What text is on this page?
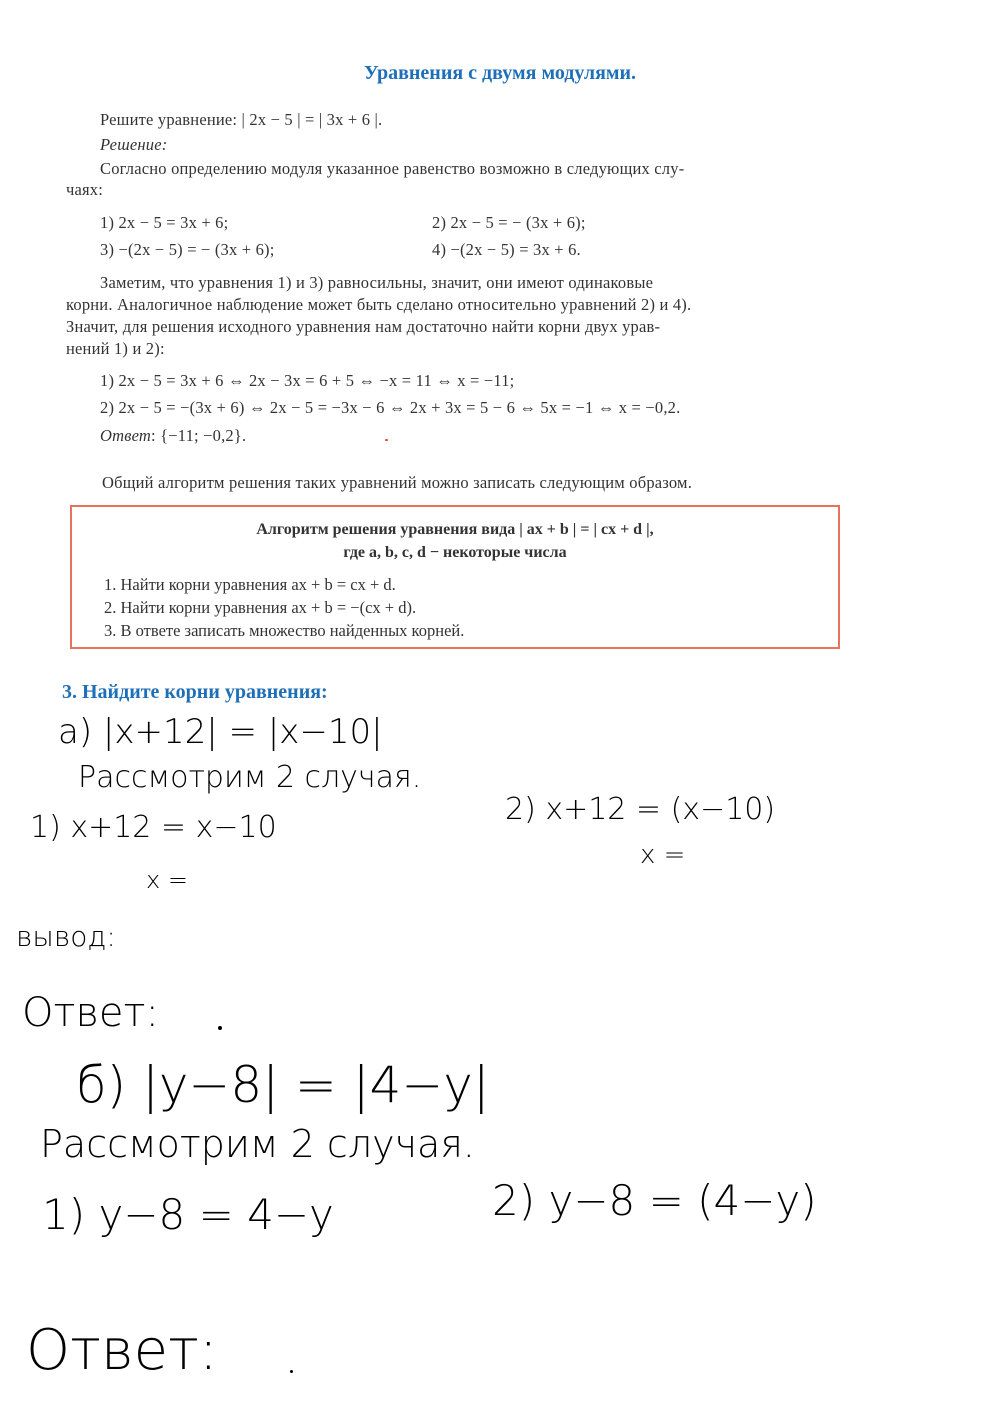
Уравнения с двумя модулями.
Решите уравнение: | 2x − 5 | = | 3x + 6 |.
Решение:
Согласно определению модуля указанное равенство возможно в следующих слу-
чаях:
1) 2x − 5 = 3x + 6;	2) 2x − 5 = − (3x + 6);
3) −(2x − 5) = − (3x + 6);	4) −(2x − 5) = 3x + 6.
Заметим, что уравнения 1) и 3) равносильны, значит, они имеют одинаковые
корни. Аналогичное наблюдение может быть сделано относительно уравнений 2) и 4).
Значит, для решения исходного уравнения нам достаточно найти корни двух урав-
нений 1) и 2):
1) 2x − 5 = 3x + 6 ⇔ 2x − 3x = 6 + 5 ⇔ −x = 11 ⇔ x = −11;
2) 2x − 5 = −(3x + 6) ⇔ 2x − 5 = −3x − 6 ⇔ 2x + 3x = 5 − 6 ⇔ 5x = −1 ⇔ x = −0,2.
Ответ: {−11; −0,2}.
Общий алгоритм решения таких уравнений можно записать следующим образом.
Алгоритм решения уравнения вида | ax + b | = | cx + d |,
где a, b, c, d − некоторые числа
1. Найти корни уравнения ax + b = cx + d.
2. Найти корни уравнения ax + b = −(cx + d).
3. В ответе записать множество найденных корней.
3. Найдите корни уравнения:
a) |x+12| = |x−10|
Рассмотрим 2 случая.
1) x+12 = x−10
x =
2) x+12 = (x−10)
x =
вывод:
Ответ:
б) |y−8| = |4−y|
Рассмотрим 2 случая.
1) y−8 = 4−y	2) y−8 = (4−y)
Ответ:
